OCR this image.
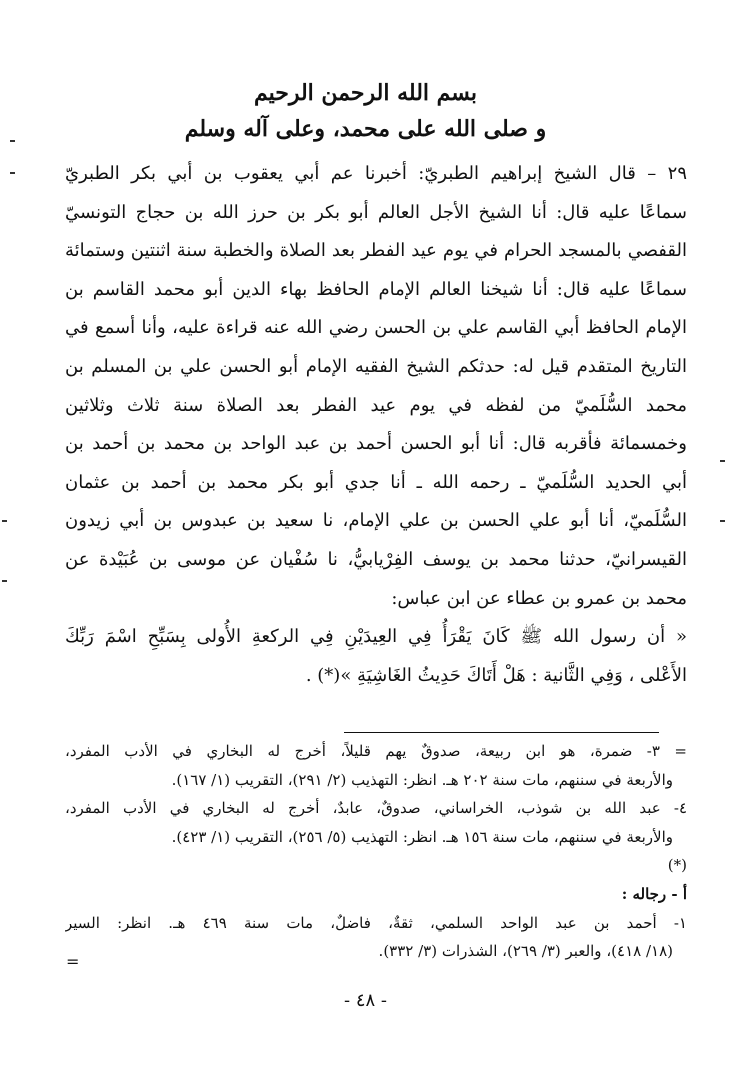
بسم الله الرحمن الرحيم
و صلى الله على محمد، وعلى آله وسلم
٢٩ – قال الشيخ إبراهيم الطبريّ: أخبرنا عم أبي يعقوب بن أبي بكر الطبريّ
سماعًا عليه قال: أنا الشيخ الأجل العالم أبو بكر بن حرز الله بن حجاج التونسيّ
القفصي بالمسجد الحرام في يوم عيد الفطر بعد الصلاة والخطبة سنة اثنتين وستمائة
سماعًا عليه قال: أنا شيخنا العالم الإمام الحافظ بهاء الدين أبو محمد القاسم بن
الإمام الحافظ أبي القاسم علي بن الحسن رضي الله عنه قراءة عليه، وأنا أسمع في
التاريخ المتقدم قيل له: حدثكم الشيخ الفقيه الإمام أبو الحسن علي بن المسلم بن
محمد السُّلَميّ من لفظه في يوم عيد الفطر بعد الصلاة سنة ثلاث وثلاثين
وخمسمائة فأقربه قال: أنا أبو الحسن أحمد بن عبد الواحد بن محمد بن أحمد بن
أبي الحديد السُّلَميّ ـ رحمه الله ـ أنا جدي أبو بكر محمد بن أحمد بن عثمان
السُّلَميّ، أنا أبو علي الحسن بن علي الإمام، نا سعيد بن عبدوس بن أبي زيدون
القيسرانيّ، حدثنا محمد بن يوسف الفِرْيابيُّ، نا سُفْيان عن موسى بن عُبَيْدة عن
محمد بن عمرو بن عطاء عن ابن عباس:
« أن رسول الله ﷺ كَانَ يَقْرَأُ فِي العِيدَيْنِ فِي الركعةِ الأُولى بِسَبِّحِ اسْمَ رَبِّكَ
الأَعْلى ، وَفِي الثَّانية : هَلْ أَتَاكَ حَدِيثُ الغَاشِيَةِ »(*) .
= ٣- ضمرة، هو ابن ربيعة، صدوقٌ يهم قليلاً، أخرج له البخاري في الأدب المفرد،
والأربعة في سننهم، مات سنة ٢٠٢ هـ. انظر: التهذيب (٢/ ٢٩١)، التقريب (١/ ١٦٧).
٤- عبد الله بن شوذب، الخراساني، صدوقٌ، عابدٌ، أخرج له البخاري في الأدب المفرد،
والأربعة في سننهم، مات سنة ١٥٦ هـ. انظر: التهذيب (٥/ ٢٥٦)، التقريب (١/ ٤٢٣).
(*)
أ - رجاله :
١- أحمد بن عبد الواحد السلمي، ثقةٌ، فاضلٌ، مات سنة ٤٦٩ هـ. انظر: السير
(١٨/ ٤١٨)، والعبر (٣/ ٢٦٩)، الشذرات (٣/ ٣٣٢).
=
- ٤٨ -
